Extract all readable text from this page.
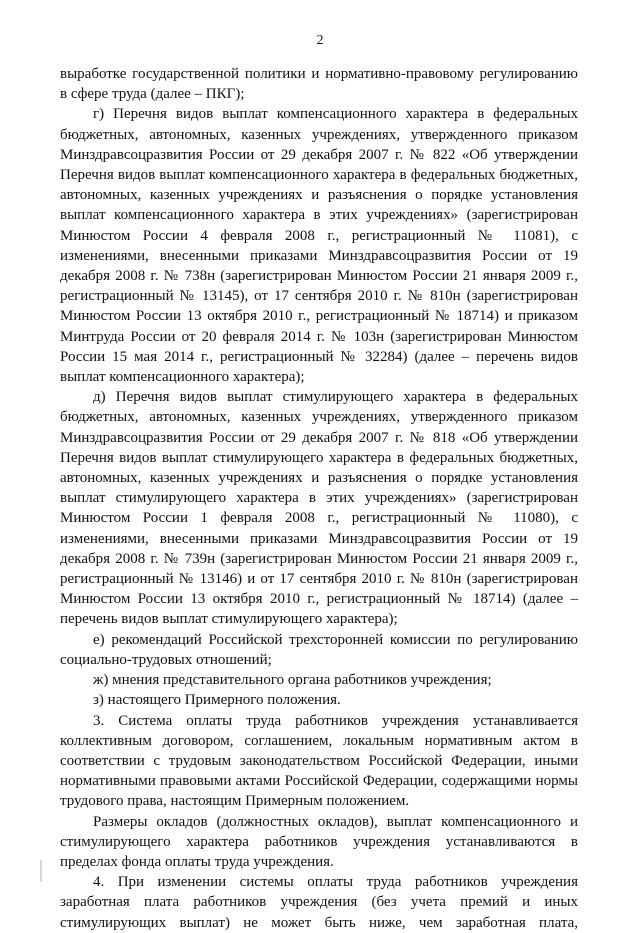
2

выработке государственной политики и нормативно-правовому регулированию в сфере труда (далее – ПКГ);

г) Перечня видов выплат компенсационного характера в федеральных бюджетных, автономных, казенных учреждениях, утвержденного приказом Минздравсоцразвития России от 29 декабря 2007 г. № 822 «Об утверждении Перечня видов выплат компенсационного характера в федеральных бюджетных, автономных, казенных учреждениях и разъяснения о порядке установления выплат компенсационного характера в этих учреждениях» (зарегистрирован Минюстом России 4 февраля 2008 г., регистрационный № 11081), с изменениями, внесенными приказами Минздравсоцразвития России от 19 декабря 2008 г. № 738н (зарегистрирован Минюстом России 21 января 2009 г., регистрационный № 13145), от 17 сентября 2010 г. № 810н (зарегистрирован Минюстом России 13 октября 2010 г., регистрационный № 18714) и приказом Минтруда России от 20 февраля 2014 г. № 103н (зарегистрирован Минюстом России 15 мая 2014 г., регистрационный № 32284) (далее – перечень видов выплат компенсационного характера);

д) Перечня видов выплат стимулирующего характера в федеральных бюджетных, автономных, казенных учреждениях, утвержденного приказом Минздравсоцразвития России от 29 декабря 2007 г. № 818 «Об утверждении Перечня видов выплат стимулирующего характера в федеральных бюджетных, автономных, казенных учреждениях и разъяснения о порядке установления выплат стимулирующего характера в этих учреждениях» (зарегистрирован Минюстом России 1 февраля 2008 г., регистрационный № 11080), с изменениями, внесенными приказами Минздравсоцразвития России от 19 декабря 2008 г. № 739н (зарегистрирован Минюстом России 21 января 2009 г., регистрационный № 13146) и от 17 сентября 2010 г. № 810н (зарегистрирован Минюстом России 13 октября 2010 г., регистрационный № 18714) (далее – перечень видов выплат стимулирующего характера);

е) рекомендаций Российской трехсторонней комиссии по регулированию социально-трудовых отношений;

ж) мнения представительного органа работников учреждения;

з) настоящего Примерного положения.

3. Система оплаты труда работников учреждения устанавливается коллективным договором, соглашением, локальным нормативным актом в соответствии с трудовым законодательством Российской Федерации, иными нормативными правовыми актами Российской Федерации, содержащими нормы трудового права, настоящим Примерным положением.

Размеры окладов (должностных окладов), выплат компенсационного и стимулирующего характера работников учреждения устанавливаются в пределах фонда оплаты труда учреждения.

4. При изменении системы оплаты труда работников учреждения заработная плата работников учреждения (без учета премий и иных стимулирующих выплат) не может быть ниже, чем заработная плата,
